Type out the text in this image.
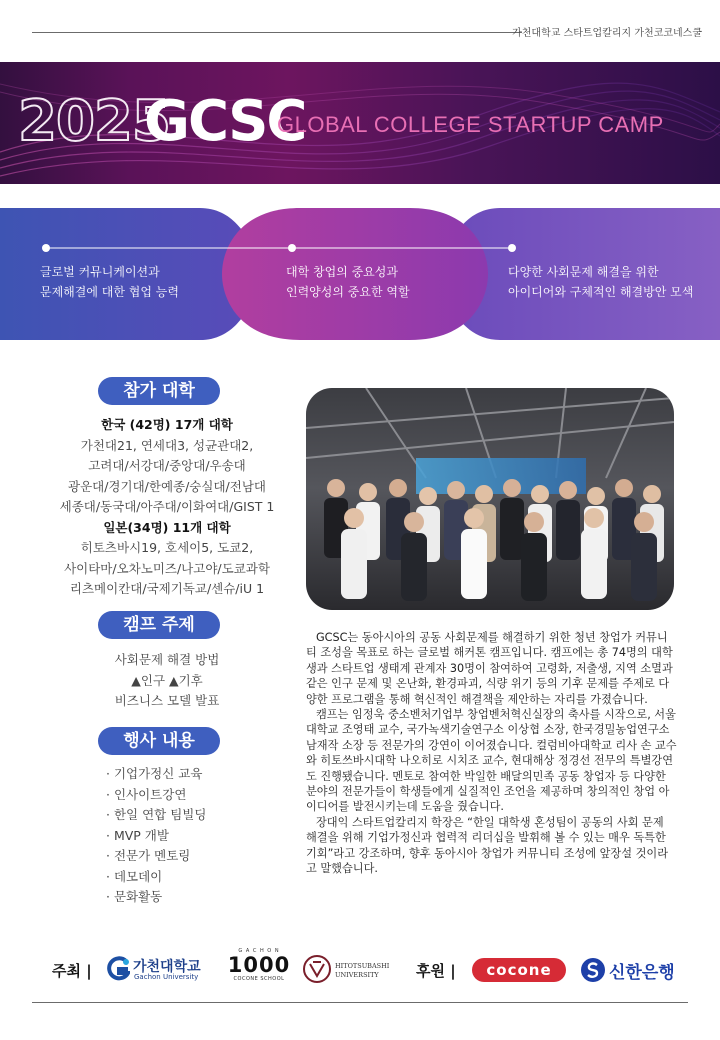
가천대학교 스타트업칼리지 가천코코네스쿨
2025
GCSC
GLOBAL COLLEGE STARTUP CAMP
글로벌 커뮤니케이션과
문제해결에 대한 협업 능력
대학 창업의 중요성과
인력양성의 중요한 역할
다양한 사회문제 해결을 위한
아이디어와 구체적인 해결방안 모색
참가 대학
한국 (42명) 17개 대학
가천대21, 연세대3, 성균관대2,
고려대/서강대/중앙대/우송대
광운대/경기대/한예종/숭실대/전남대
세종대/동국대/아주대/이화여대/GIST 1
일본(34명) 11개 대학
히토츠바시19, 호세이5, 도쿄2,
사이타마/오차노미즈/나고야/도쿄과학
리츠메이칸대/국제기독교/센슈/iU 1
캠프 주제
사회문제 해결 방법
▲인구 ▲기후
비즈니스 모델 발표
행사 내용
· 기업가정신 교육
· 인사이트강연
· 한일 연합 팀빌딩
· MVP 개발
· 전문가 멘토링
· 데모데이
· 문화활동

GCSC는 동아시아의 공동 사회문제를 해결하기 위한 청년 창업가 커뮤니티 조성을 목표로 하는 글로벌 해커톤 캠프입니다. 캠프에는 총 74명의 대학생과 스타트업 생태계 관계자 30명이 참여하여 고령화, 저출생, 지역 소멸과 같은 인구 문제 및 온난화, 환경파괴, 식량 위기 등의 기후 문제를 주제로 다양한 프로그램을 통해 혁신적인 해결책을 제안하는 자리를 가졌습니다.

캠프는 임정욱 중소벤처기업부 창업벤처혁신실장의 축사를 시작으로, 서울대학교 조영태 교수, 국가녹색기술연구소 이상협 소장, 한국경밀농업연구소 남재작 소장 등 전문가의 강연이 이어졌습니다. 컬럼비아대학교 리사 손 교수와 히토쓰바시대학 나오히로 시치조 교수, 현대해상 정경선 전무의 특별강연도 진행됐습니다. 멘토로 참여한 박일한 배달의민족 공동 창업자 등 다양한 분야의 전문가들이 학생들에게 실질적인 조언을 제공하며 창의적인 창업 아이디어를 발전시키는데 도움을 줬습니다.

장대익 스타트업칼리지 학장은 “한일 대학생 혼성팀이 공동의 사회 문제 해결을 위해 기업가정신과 협력적 리더십을 발휘해 볼 수 있는 매우 독특한 기회”라고 강조하며, 향후 동아시아 창업가 커뮤니티 조성에 앞장설 것이라고 말했습니다.

주최 |	가천대학교
Gachon University
G A C H O N
1000
COCONE SCHOOL
HITOTSUBASHI
UNIVERSITY	후원 |	cocone	신한은행
